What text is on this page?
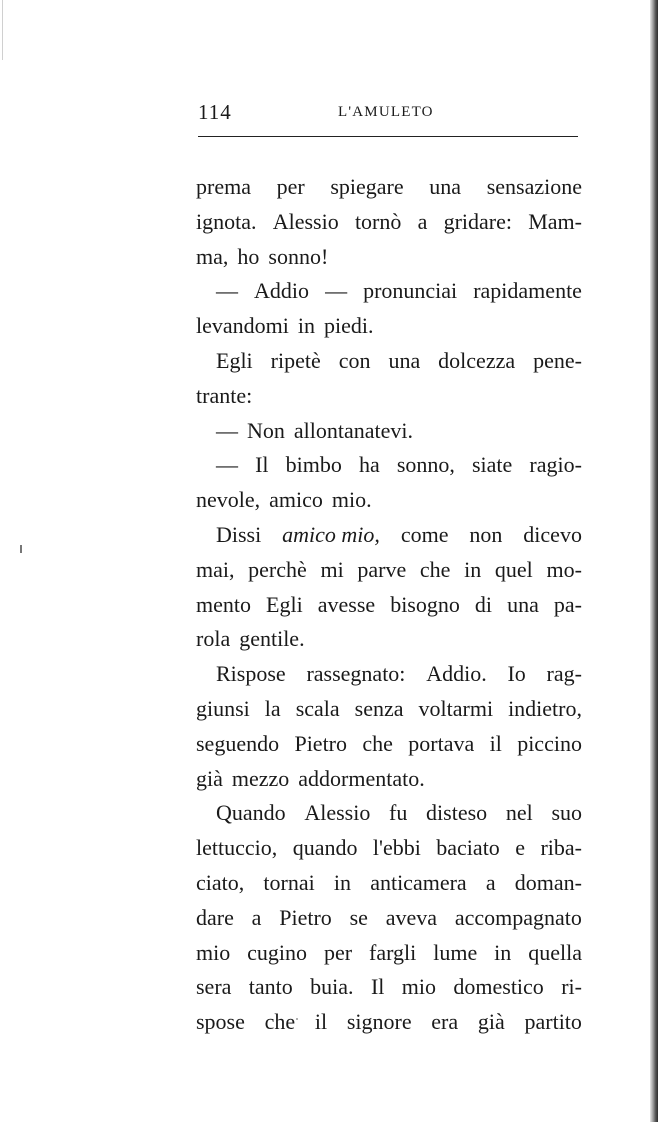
114	L'AMULETO
prema per spiegare una sensazione
ignota. Alessio tornò a gridare: Mam-
ma, ho sonno!
— Addio — pronunciai rapidamente
levandomi in piedi.
Egli ripetè con una dolcezza pene-
trante:
— Non allontanatevi.
— Il bimbo ha sonno, siate ragio-
nevole, amico mio.
Dissi amico mio, come non dicevo
mai, perchè mi parve che in quel mo-
mento Egli avesse bisogno di una pa-
rola gentile.
Rispose rassegnato: Addio. Io rag-
giunsi la scala senza voltarmi indietro,
seguendo Pietro che portava il piccino
già mezzo addormentato.
Quando Alessio fu disteso nel suo
lettuccio, quando l'ebbi baciato e riba-
ciato, tornai in anticamera a doman-
dare a Pietro se aveva accompagnato
mio cugino per fargli lume in quella
sera tanto buia. Il mio domestico ri-
spose che il signore era già partito
